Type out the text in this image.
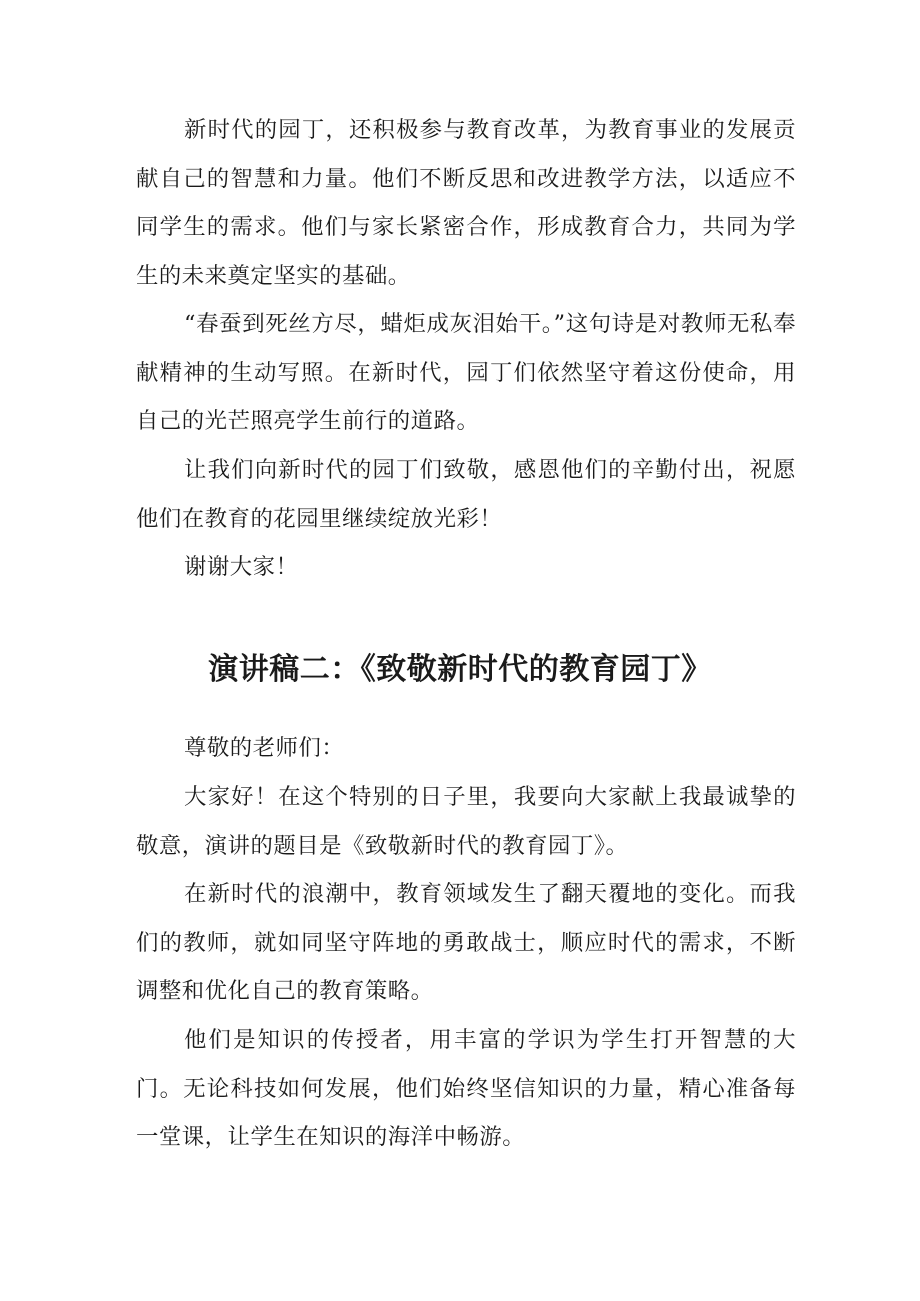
新时代的园丁，还积极参与教育改革，为教育事业的发展贡献自己的智慧和力量。他们不断反思和改进教学方法，以适应不同学生的需求。他们与家长紧密合作，形成教育合力，共同为学生的未来奠定坚实的基础。

“春蚕到死丝方尽，蜡炬成灰泪始干。”这句诗是对教师无私奉献精神的生动写照。在新时代，园丁们依然坚守着这份使命，用自己的光芒照亮学生前行的道路。

让我们向新时代的园丁们致敬，感恩他们的辛勤付出，祝愿他们在教育的花园里继续绽放光彩！

谢谢大家！

演讲稿二：《致敬新时代的教育园丁》

尊敬的老师们：

大家好！在这个特别的日子里，我要向大家献上我最诚挚的敬意，演讲的题目是《致敬新时代的教育园丁》。

在新时代的浪潮中，教育领域发生了翻天覆地的变化。而我们的教师，就如同坚守阵地的勇敢战士，顺应时代的需求，不断调整和优化自己的教育策略。

他们是知识的传授者，用丰富的学识为学生打开智慧的大门。无论科技如何发展，他们始终坚信知识的力量，精心准备每一堂课，让学生在知识的海洋中畅游。
